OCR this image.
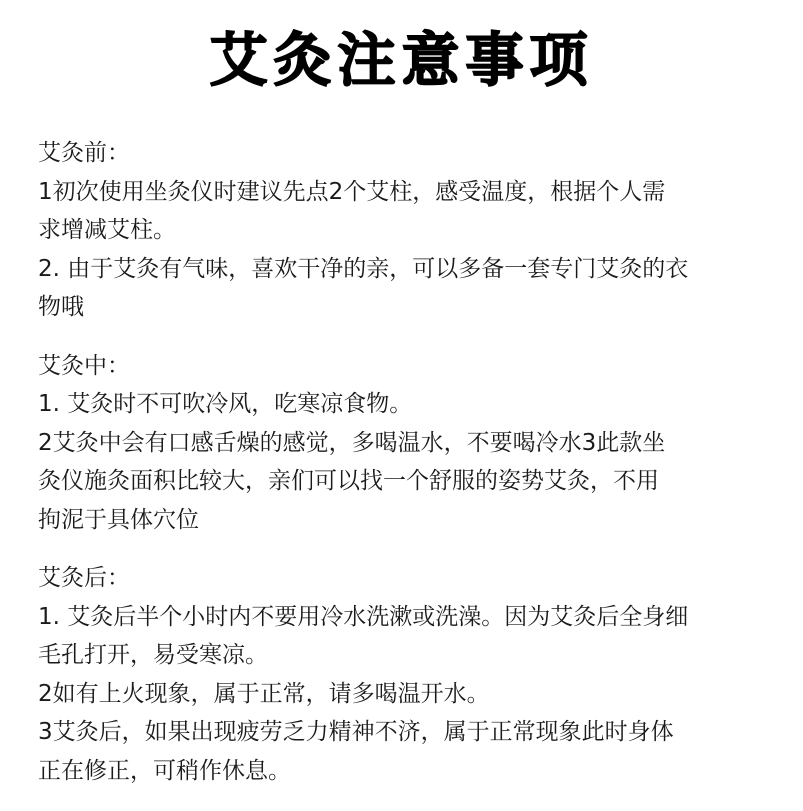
艾灸注意事项
艾灸前：
1初次使用坐灸仪时建议先点2个艾柱，感受温度，根据个人需
求增减艾柱。
2. 由于艾灸有气味，喜欢干净的亲，可以多备一套专门艾灸的衣
物哦
艾灸中：
1. 艾灸时不可吹冷风，吃寒凉食物。
2艾灸中会有口感舌燥的感觉，多喝温水，不要喝冷水3此款坐
灸仪施灸面积比较大，亲们可以找一个舒服的姿势艾灸，不用
拘泥于具体穴位
艾灸后：
1. 艾灸后半个小时内不要用冷水洗漱或洗澡。因为艾灸后全身细
毛孔打开，易受寒凉。
2如有上火现象，属于正常，请多喝温开水。
3艾灸后，如果出现疲劳乏力精神不济，属于正常现象此时身体
正在修正，可稍作休息。
